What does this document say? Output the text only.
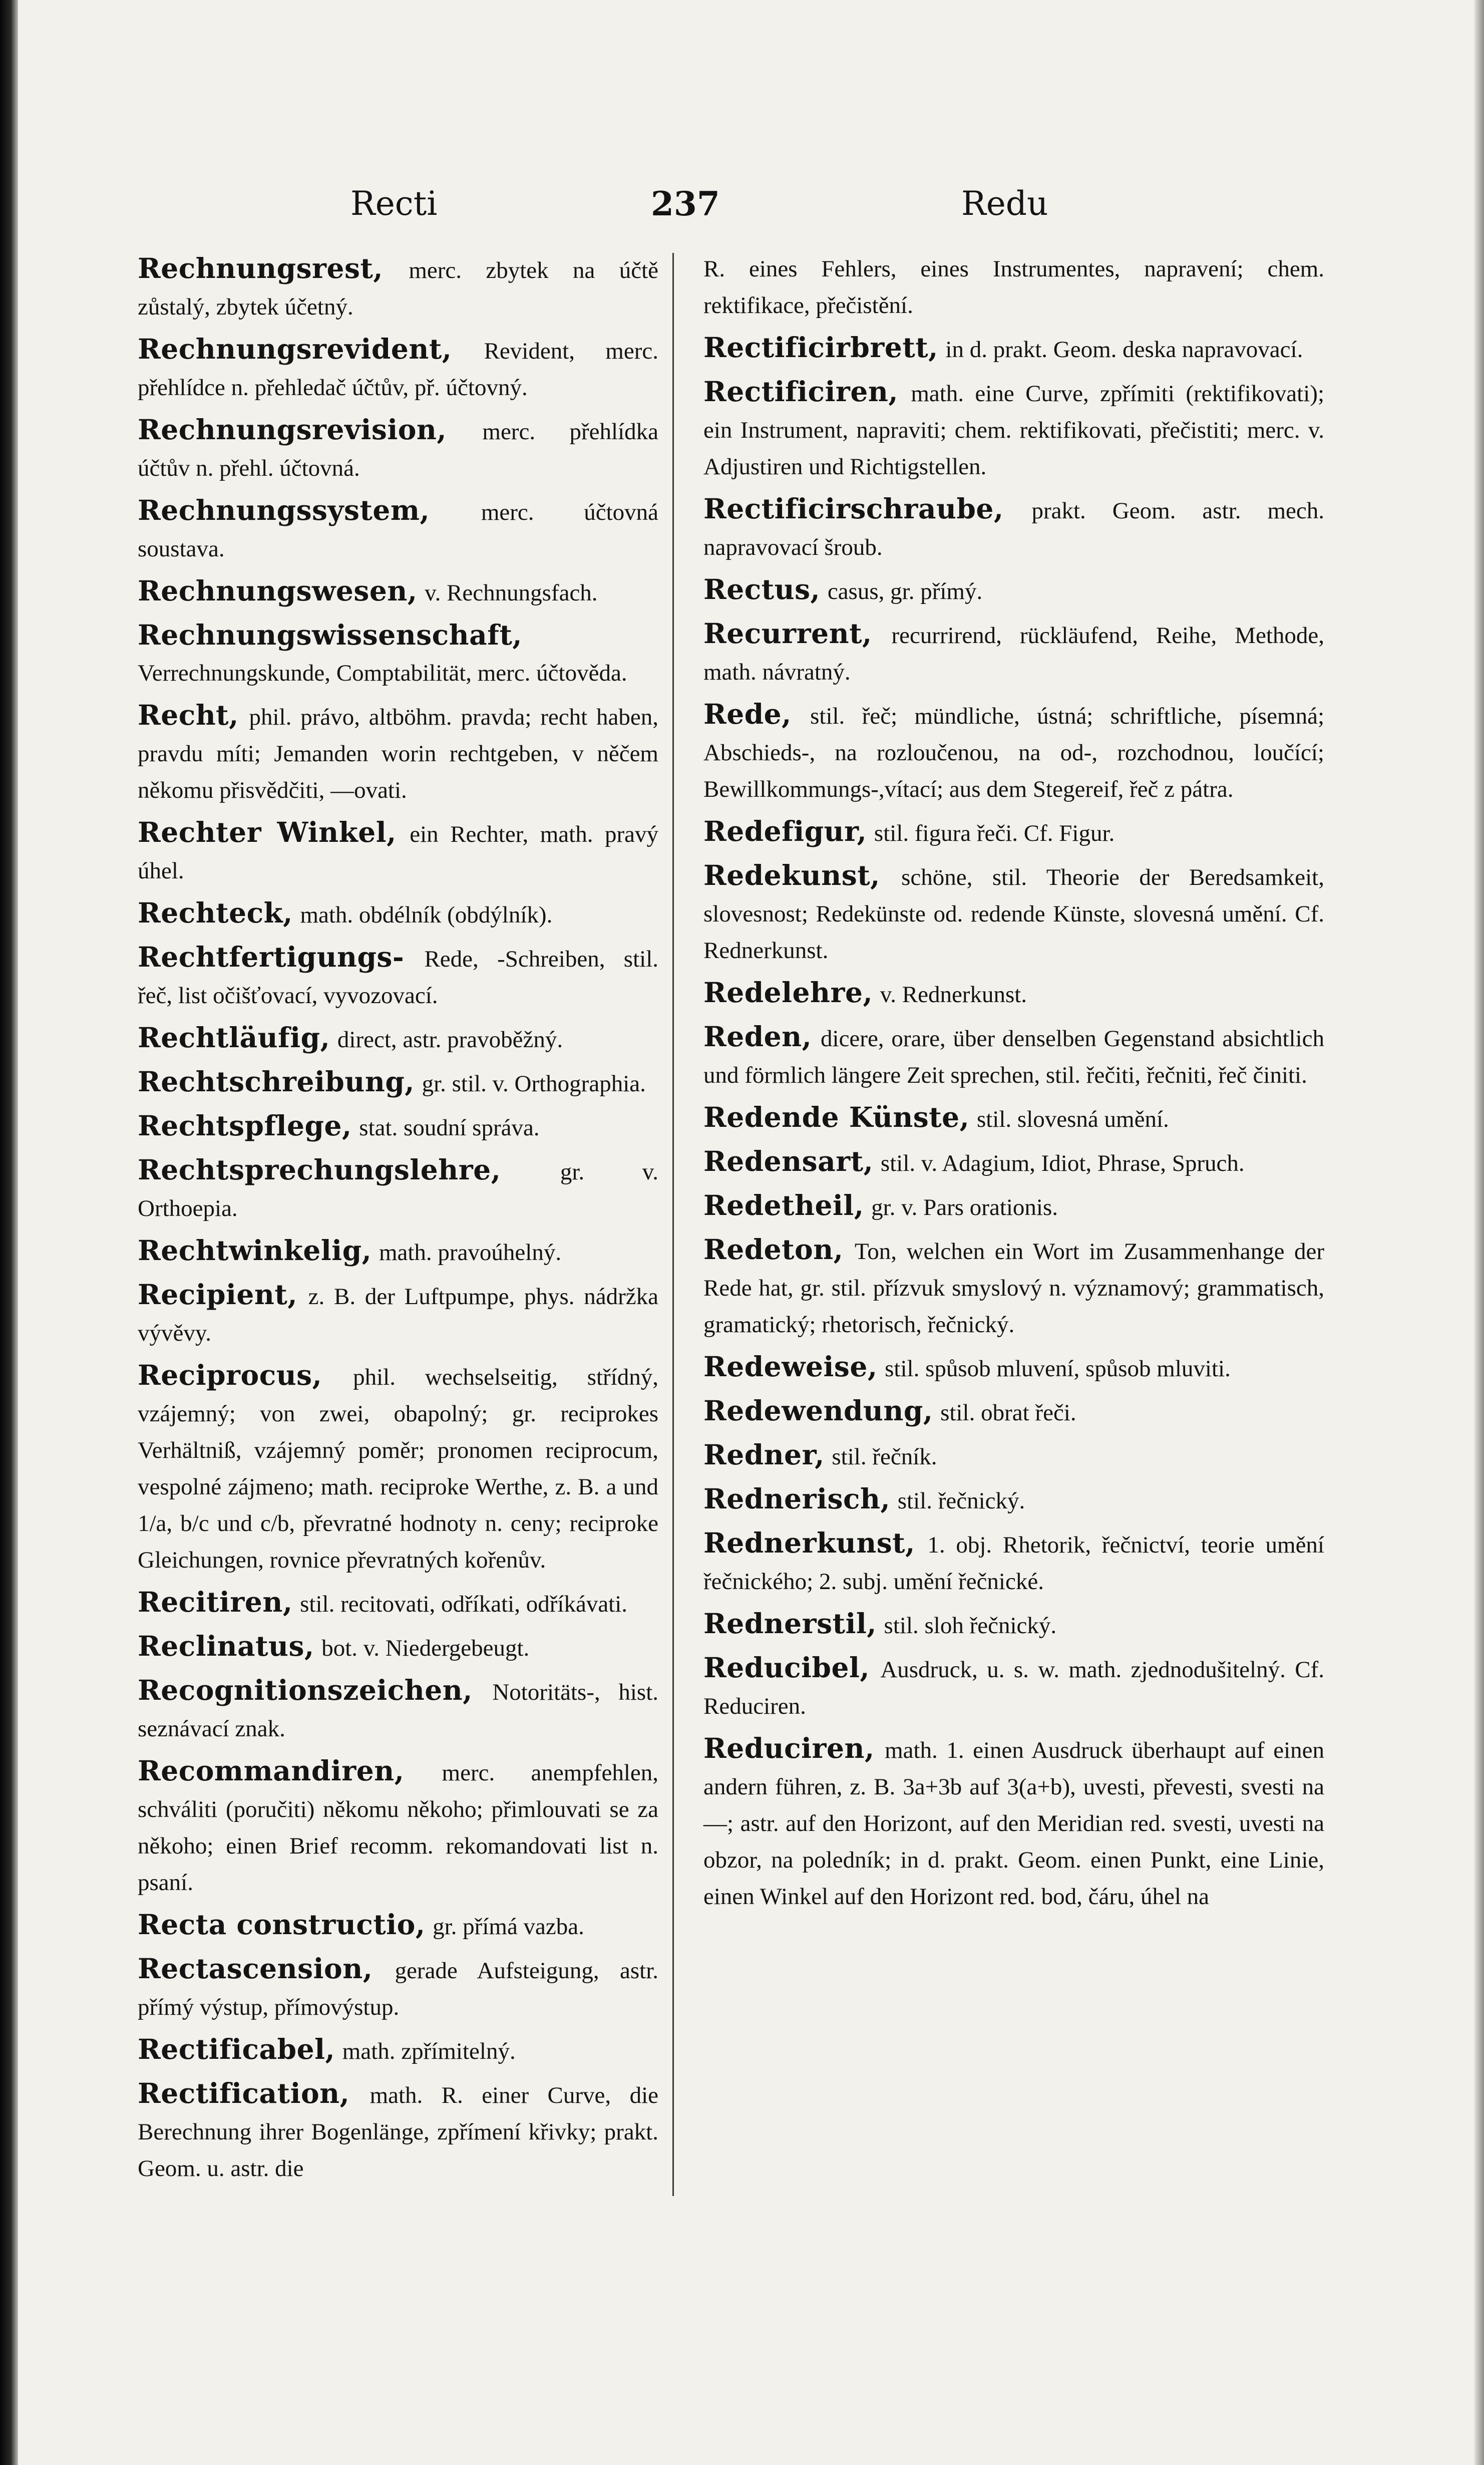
Recti	237	Redu

Rechnungsrest, merc. zbytek na účtě zůstalý, zbytek účetný.

Rechnungsrevident, Revident, merc. přehlídce n. přehledač účtův, př. účtovný.

Rechnungsrevision, merc. přehlídka účtův n. přehl. účtovná.

Rechnungssystem, merc. účtovná soustava.

Rechnungswesen, v. Rechnungsfach.

Rechnungswissenschaft, Verrechnungskunde, Comptabilität, merc. účtověda.

Recht, phil. právo, altböhm. pravda; recht haben, pravdu míti; Jemanden worin rechtgeben, v něčem někomu přisvědčiti, —ovati.

Rechter Winkel, ein Rechter, math. pravý úhel.

Rechteck, math. obdélník (obdýlník).

Rechtfertigungs- Rede, -Schreiben, stil. řeč, list očišťovací, vyvozovací.

Rechtläufig, direct, astr. pravoběžný.

Rechtschreibung, gr. stil. v. Orthographia.

Rechtspflege, stat. soudní správa.

Rechtsprechungslehre,	gr. v. Orthoepia.

Rechtwinkelig, math. pravoúhelný.

Recipient, z. B. der Luftpumpe, phys. nádržka vývěvy.

Reciprocus, phil. wechselseitig, střídný, vzájemný; von zwei, obapolný; gr. reciprokes Verhältniß, vzájemný poměr; pronomen reciprocum, vespolné zájmeno; math. reciproke Werthe, z. B. a und 1/a, b/c und c/b, převratné hodnoty n. ceny; reciproke Gleichungen, rovnice převratných kořenův.

Recitiren, stil. recitovati, odříkati, odříkávati.

Reclinatus, bot. v. Niedergebeugt.

Recognitionszeichen, Notoritäts-, hist. seznávací znak.

Recommandiren, merc. anempfehlen, schváliti (poručiti) někomu někoho; přimlouvati se za někoho; einen Brief recomm. rekomandovati list n. psaní.

Recta constructio, gr. přímá vazba.

Rectascension, gerade Aufsteigung, astr. přímý výstup, přímovýstup.

Rectificabel, math. zpřímitelný.

Rectification, math. R. einer Curve, die Berechnung ihrer Bogenlänge, zpřímení křivky; prakt. Geom. u. astr. die

R. eines Fehlers, eines Instrumentes, napravení; chem. rektifikace, přečistění.

Rectificirbrett, in d. prakt. Geom. deska napravovací.

Rectificiren, math. eine Curve, zpřímiti (rektifikovati); ein Instrument, napraviti; chem. rektifikovati, přečistiti; merc. v. Adjustiren und Richtigstellen.

Rectificirschraube, prakt. Geom. astr. mech. napravovací šroub.

Rectus, casus, gr. přímý.

Recurrent, recurrirend, rückläufend, Reihe, Methode, math. návratný.

Rede, stil. řeč; mündliche, ústná; schriftliche, písemná; Abschieds-, na rozloučenou, na od-, rozchodnou, loučící; Bewillkommungs-,vítací; aus dem Stegereif, řeč z pátra.

Redefigur, stil. figura řeči. Cf. Figur.

Redekunst, schöne, stil. Theorie der Beredsamkeit, slovesnost; Redekünste od. redende Künste, slovesná umění. Cf. Rednerkunst.

Redelehre, v. Rednerkunst.

Reden, dicere, orare, über denselben Gegenstand absichtlich und förmlich längere Zeit sprechen, stil. řečiti, řečniti, řeč činiti.

Redende Künste, stil. slovesná umění.

Redensart, stil. v. Adagium, Idiot, Phrase, Spruch.

Redetheil, gr. v. Pars orationis.

Redeton, Ton, welchen ein Wort im Zusammenhange der Rede hat, gr. stil. přízvuk smyslový n. významový; grammatisch, gramatický; rhetorisch, řečnický.

Redeweise, stil. spůsob mluvení, spůsob mluviti.

Redewendung, stil. obrat řeči.

Redner, stil. řečník.

Rednerisch, stil. řečnický.

Rednerkunst, 1. obj. Rhetorik, řečnictví, teorie umění řečnického; 2. subj. umění řečnické.

Rednerstil, stil. sloh řečnický.

Reducibel, Ausdruck, u. s. w. math. zjednodušitelný. Cf. Reduciren.

Reduciren, math. 1. einen Ausdruck überhaupt auf einen andern führen, z. B. 3a+3b auf 3(a+b), uvesti, převesti, svesti na —; astr. auf den Horizont, auf den Meridian red. svesti, uvesti na obzor, na poledník; in d. prakt. Geom. einen Punkt, eine Linie, einen Winkel auf den Horizont red. bod, čáru, úhel na
